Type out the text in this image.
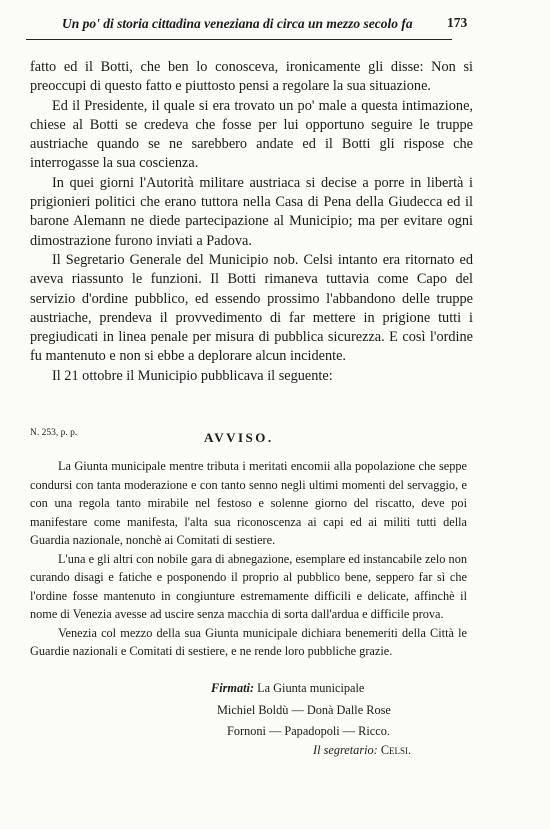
Un po' di storia cittadina veneziana di circa un mezzo secolo fa	173

fatto ed il Botti, che ben lo conosceva, ironicamente gli disse: Non si preoccupi di questo fatto e piuttosto pensi a regolare la sua situazione.

Ed il Presidente, il quale si era trovato un po' male a questa intimazione, chiese al Botti se credeva che fosse per lui opportuno seguire le truppe austriache quando se ne sarebbero andate ed il Botti gli rispose che interrogasse la sua coscienza.

In quei giorni l'Autorità militare austriaca si decise a porre in libertà i prigionieri politici che erano tuttora nella Casa di Pena della Giudecca ed il barone Alemann ne diede partecipazione al Municipio; ma per evitare ogni dimostrazione furono inviati a Padova.

Il Segretario Generale del Municipio nob. Celsi intanto era ritornato ed aveva riassunto le funzioni. Il Botti rimaneva tuttavia come Capo del servizio d'ordine pubblico, ed essendo prossimo l'abbandono delle truppe austriache, prendeva il provvedimento di far mettere in prigione tutti i pregiudicati in linea penale per misura di pubblica sicurezza. E così l'ordine fu mantenuto e non si ebbe a deplorare alcun incidente.

Il 21 ottobre il Municipio pubblicava il seguente:

N. 253, p. p.	AVVISO.

La Giunta municipale mentre tributa i meritati encomii alla popolazione che seppe condursi con tanta moderazione e con tanto senno negli ultimi momenti del servaggio, e con una regola tanto mirabile nel festoso e solenne giorno del riscatto, deve poi manifestare come manifesta, l'alta sua riconoscenza ai capi ed ai militi tutti della Guardia nazionale, nonchè ai Comitati di sestiere.

L'una e gli altri con nobile gara di abnegazione, esemplare ed instancabile zelo non curando disagi e fatiche e posponendo il proprio al pubblico bene, seppero far sì che l'ordine fosse mantenuto in congiunture estremamente difficili e delicate, affinchè il nome di Venezia avesse ad uscire senza macchia di sorta dall'ardua e difficile prova.

Venezia col mezzo della sua Giunta municipale dichiara benemeriti della Città le Guardie nazionali e Comitati di sestiere, e ne rende loro pubbliche grazie.

Firmati: La Giunta municipale
Michiel Boldù — Donà Dalle Rose
Fornoni — Papadopoli — Ricco.
Il segretario: Celsi.
